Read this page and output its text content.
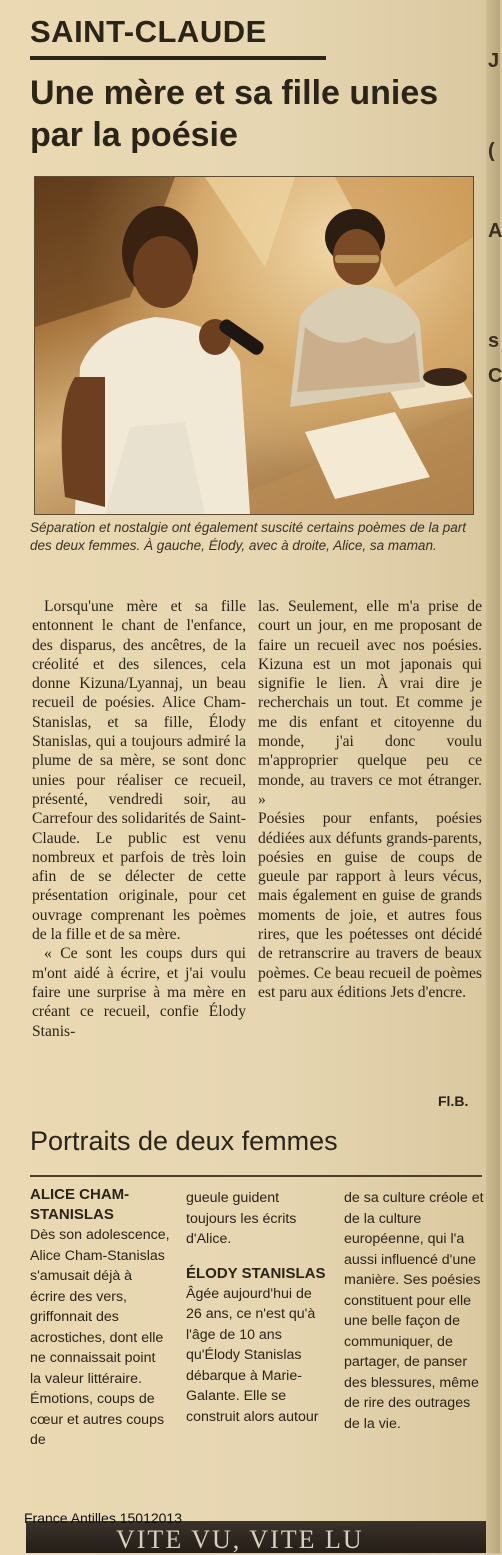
SAINT-CLAUDE
Une mère et sa fille unies par la poésie
Séparation et nostalgie ont également suscité certains poèmes de la part des deux femmes. À gauche, Élody, avec à droite, Alice, sa maman.

Lorsqu'une mère et sa fille entonnent le chant de l'enfance, des disparus, des ancêtres, de la créolité et des silences, cela donne Kizuna/Lyannaj, un beau recueil de poésies. Alice Cham-Stanislas, et sa fille, Élody Stanislas, qui a toujours admiré la plume de sa mère, se sont donc unies pour réaliser ce recueil, présenté, vendredi soir, au Carrefour des solidarités de Saint-Claude. Le public est venu nombreux et parfois de très loin afin de se délecter de cette présentation originale, pour cet ouvrage comprenant les poèmes de la fille et de sa mère.

« Ce sont les coups durs qui m'ont aidé à écrire, et j'ai voulu faire une surprise à ma mère en créant ce recueil, confie Élody Stanis-

las. Seulement, elle m'a prise de court un jour, en me proposant de faire un recueil avec nos poésies. Kizuna est un mot japonais qui signifie le lien. À vrai dire je recherchais un tout. Et comme je me dis enfant et citoyenne du monde, j'ai donc voulu m'approprier quelque peu ce monde, au travers ce mot étranger. »

Poésies pour enfants, poésies dédiées aux défunts grands-parents, poésies en guise de coups de gueule par rapport à leurs vécus, mais également en guise de grands moments de joie, et autres fous rires, que les poétesses ont décidé de retranscrire au travers de beaux poèmes. Ce beau recueil de poèmes est paru aux éditions Jets d'encre.

Fl.B.
Portraits de deux femmes

ALICE CHAM-STANISLAS

Dès son adolescence, Alice Cham-Stanislas s'amusait déjà à écrire des vers, griffonnait des acrostiches, dont elle ne connaissait point la valeur littéraire. Émotions, coups de cœur et autres coups de

gueule guident toujours les écrits d'Alice.

ÉLODY STANISLAS

Âgée aujourd'hui de 26 ans, ce n'est qu'à l'âge de 10 ans qu'Élody Stanislas débarque à Marie-Galante. Elle se construit alors autour

de sa culture créole et de la culture européenne, qui l'a aussi influencé d'une manière. Ses poésies constituent pour elle une belle façon de communiquer, de partager, de panser des blessures, même de rire des outrages de la vie.

VITE VU, VITE LU
France Antilles 15012013
J
(
A
s
C
